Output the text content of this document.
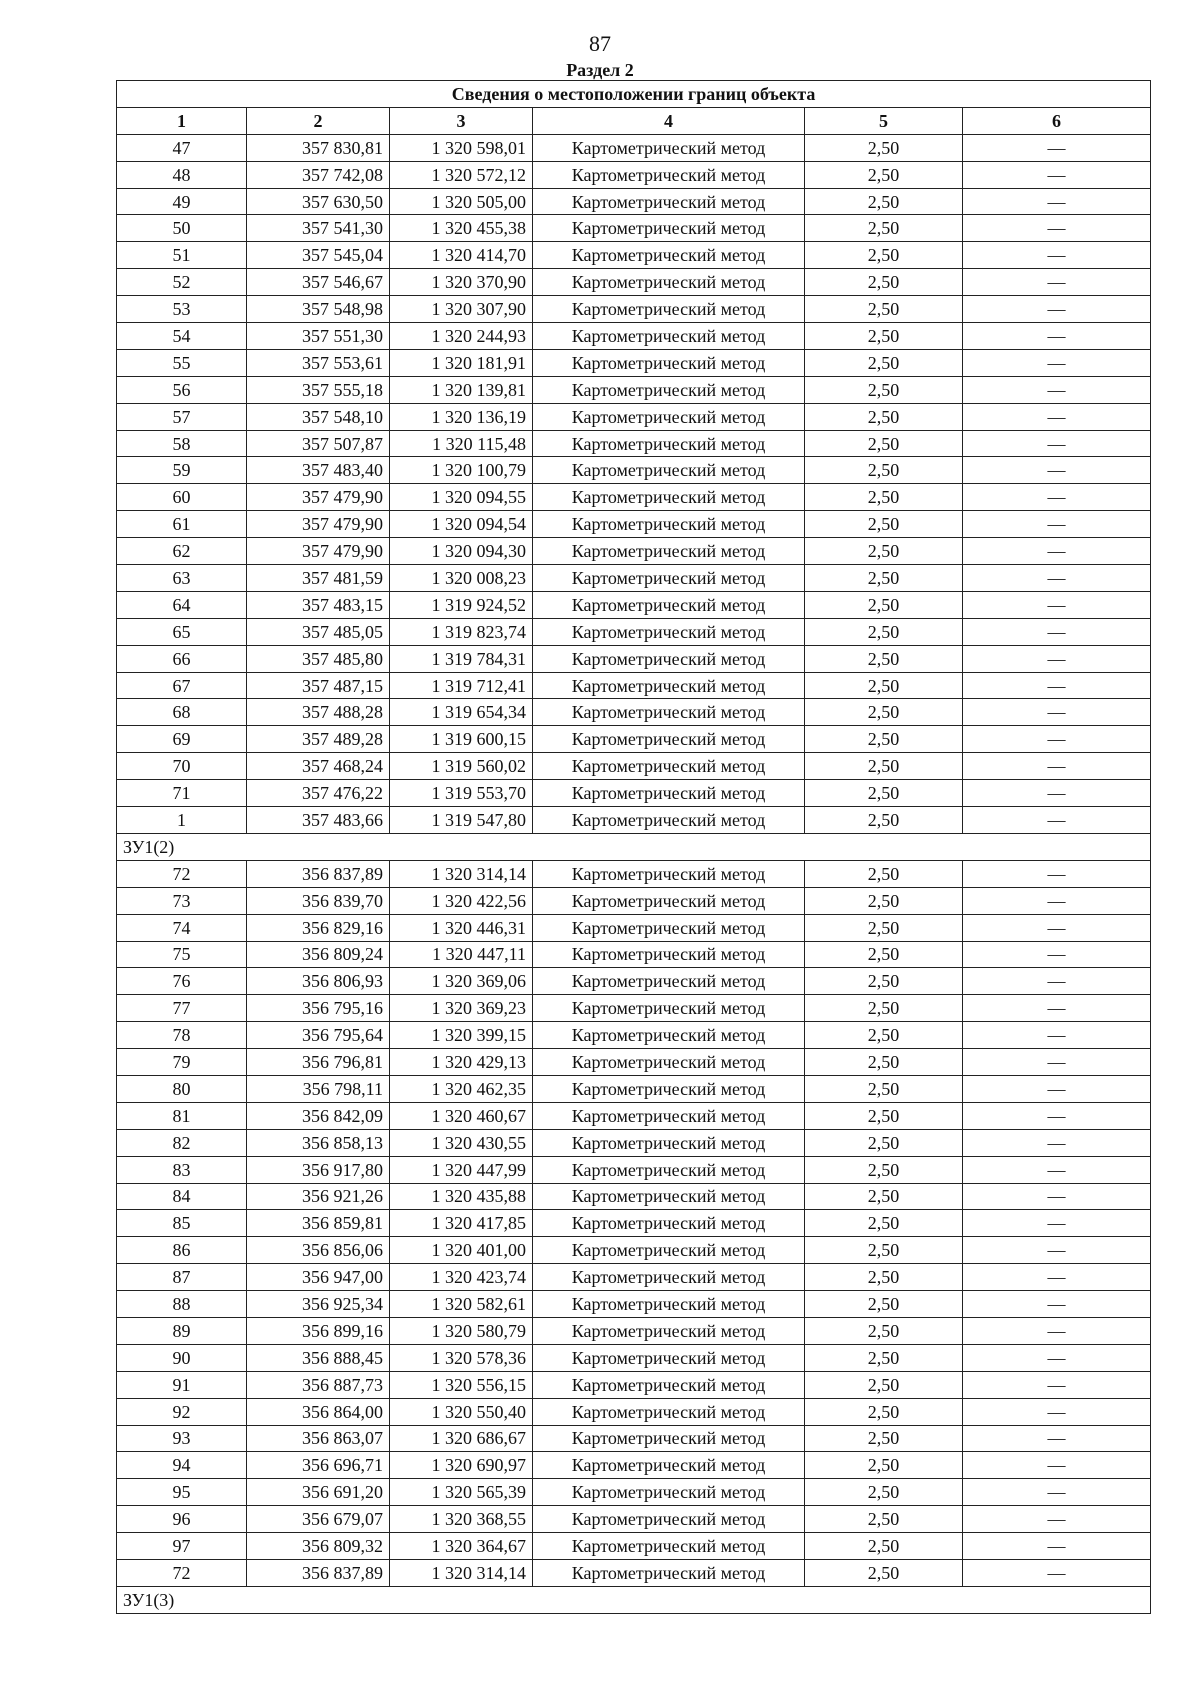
87
Раздел 2
Сведения о местоположении границ объекта					
1	2	3	4	5	6
47	357 830,81	1 320 598,01	Картометрический метод	2,50	—
48	357 742,08	1 320 572,12	Картометрический метод	2,50	—
49	357 630,50	1 320 505,00	Картометрический метод	2,50	—
50	357 541,30	1 320 455,38	Картометрический метод	2,50	—
51	357 545,04	1 320 414,70	Картометрический метод	2,50	—
52	357 546,67	1 320 370,90	Картометрический метод	2,50	—
53	357 548,98	1 320 307,90	Картометрический метод	2,50	—
54	357 551,30	1 320 244,93	Картометрический метод	2,50	—
55	357 553,61	1 320 181,91	Картометрический метод	2,50	—
56	357 555,18	1 320 139,81	Картометрический метод	2,50	—
57	357 548,10	1 320 136,19	Картометрический метод	2,50	—
58	357 507,87	1 320 115,48	Картометрический метод	2,50	—
59	357 483,40	1 320 100,79	Картометрический метод	2,50	—
60	357 479,90	1 320 094,55	Картометрический метод	2,50	—
61	357 479,90	1 320 094,54	Картометрический метод	2,50	—
62	357 479,90	1 320 094,30	Картометрический метод	2,50	—
63	357 481,59	1 320 008,23	Картометрический метод	2,50	—
64	357 483,15	1 319 924,52	Картометрический метод	2,50	—
65	357 485,05	1 319 823,74	Картометрический метод	2,50	—
66	357 485,80	1 319 784,31	Картометрический метод	2,50	—
67	357 487,15	1 319 712,41	Картометрический метод	2,50	—
68	357 488,28	1 319 654,34	Картометрический метод	2,50	—
69	357 489,28	1 319 600,15	Картометрический метод	2,50	—
70	357 468,24	1 319 560,02	Картометрический метод	2,50	—
71	357 476,22	1 319 553,70	Картометрический метод	2,50	—
1	357 483,66	1 319 547,80	Картометрический метод	2,50	—
ЗУ1(2)					
72	356 837,89	1 320 314,14	Картометрический метод	2,50	—
73	356 839,70	1 320 422,56	Картометрический метод	2,50	—
74	356 829,16	1 320 446,31	Картометрический метод	2,50	—
75	356 809,24	1 320 447,11	Картометрический метод	2,50	—
76	356 806,93	1 320 369,06	Картометрический метод	2,50	—
77	356 795,16	1 320 369,23	Картометрический метод	2,50	—
78	356 795,64	1 320 399,15	Картометрический метод	2,50	—
79	356 796,81	1 320 429,13	Картометрический метод	2,50	—
80	356 798,11	1 320 462,35	Картометрический метод	2,50	—
81	356 842,09	1 320 460,67	Картометрический метод	2,50	—
82	356 858,13	1 320 430,55	Картометрический метод	2,50	—
83	356 917,80	1 320 447,99	Картометрический метод	2,50	—
84	356 921,26	1 320 435,88	Картометрический метод	2,50	—
85	356 859,81	1 320 417,85	Картометрический метод	2,50	—
86	356 856,06	1 320 401,00	Картометрический метод	2,50	—
87	356 947,00	1 320 423,74	Картометрический метод	2,50	—
88	356 925,34	1 320 582,61	Картометрический метод	2,50	—
89	356 899,16	1 320 580,79	Картометрический метод	2,50	—
90	356 888,45	1 320 578,36	Картометрический метод	2,50	—
91	356 887,73	1 320 556,15	Картометрический метод	2,50	—
92	356 864,00	1 320 550,40	Картометрический метод	2,50	—
93	356 863,07	1 320 686,67	Картометрический метод	2,50	—
94	356 696,71	1 320 690,97	Картометрический метод	2,50	—
95	356 691,20	1 320 565,39	Картометрический метод	2,50	—
96	356 679,07	1 320 368,55	Картометрический метод	2,50	—
97	356 809,32	1 320 364,67	Картометрический метод	2,50	—
72	356 837,89	1 320 314,14	Картометрический метод	2,50	—
ЗУ1(3)					
